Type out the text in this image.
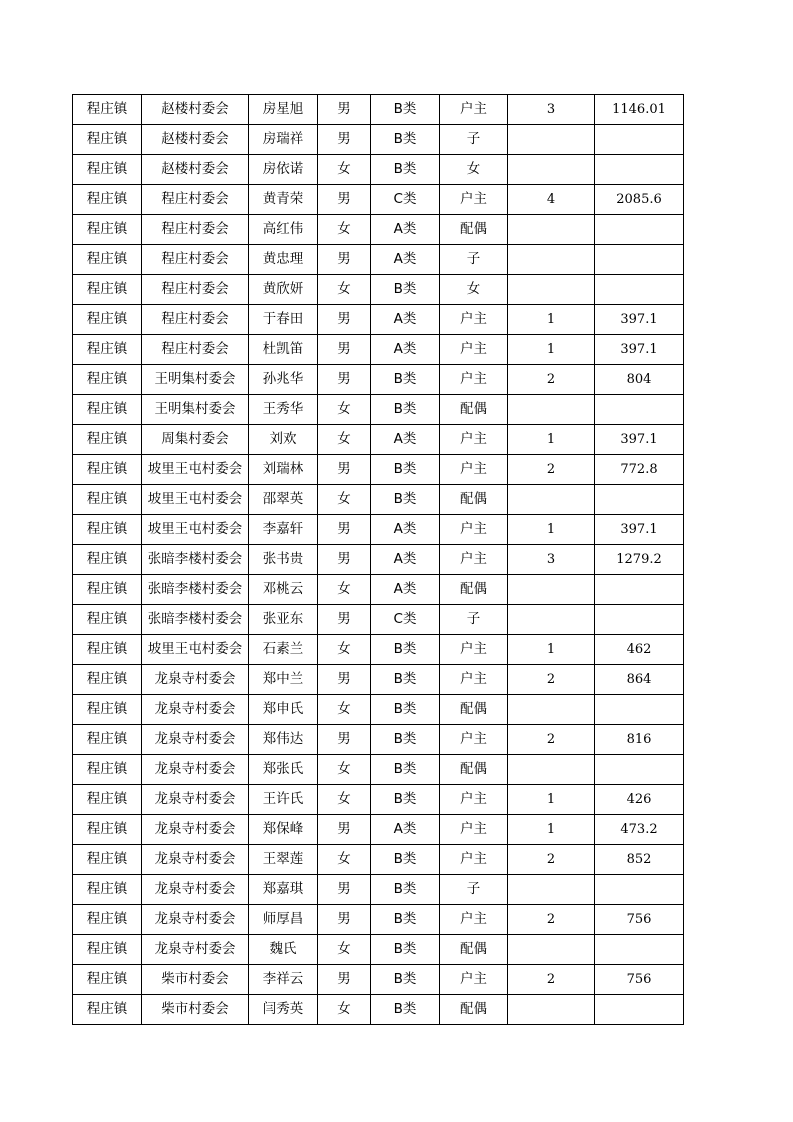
程庄镇	赵楼村委会	房星旭	男	B类	户主	3	1146.01
程庄镇	赵楼村委会	房瑞祥	男	B类	子		
程庄镇	赵楼村委会	房依诺	女	B类	女		
程庄镇	程庄村委会	黄青荣	男	C类	户主	4	2085.6
程庄镇	程庄村委会	高红伟	女	A类	配偶		
程庄镇	程庄村委会	黄忠理	男	A类	子		
程庄镇	程庄村委会	黄欣妍	女	B类	女		
程庄镇	程庄村委会	于春田	男	A类	户主	1	397.1
程庄镇	程庄村委会	杜凯笛	男	A类	户主	1	397.1
程庄镇	王明集村委会	孙兆华	男	B类	户主	2	804
程庄镇	王明集村委会	王秀华	女	B类	配偶		
程庄镇	周集村委会	刘欢	女	A类	户主	1	397.1
程庄镇	坡里王屯村委会	刘瑞林	男	B类	户主	2	772.8
程庄镇	坡里王屯村委会	邵翠英	女	B类	配偶		
程庄镇	坡里王屯村委会	李嘉轩	男	A类	户主	1	397.1
程庄镇	张暗李楼村委会	张书贵	男	A类	户主	3	1279.2
程庄镇	张暗李楼村委会	邓桃云	女	A类	配偶		
程庄镇	张暗李楼村委会	张亚东	男	C类	子		
程庄镇	坡里王屯村委会	石素兰	女	B类	户主	1	462
程庄镇	龙泉寺村委会	郑中兰	男	B类	户主	2	864
程庄镇	龙泉寺村委会	郑申氏	女	B类	配偶		
程庄镇	龙泉寺村委会	郑伟达	男	B类	户主	2	816
程庄镇	龙泉寺村委会	郑张氏	女	B类	配偶		
程庄镇	龙泉寺村委会	王许氏	女	B类	户主	1	426
程庄镇	龙泉寺村委会	郑保峰	男	A类	户主	1	473.2
程庄镇	龙泉寺村委会	王翠莲	女	B类	户主	2	852
程庄镇	龙泉寺村委会	郑嘉琪	男	B类	子		
程庄镇	龙泉寺村委会	师厚昌	男	B类	户主	2	756
程庄镇	龙泉寺村委会	魏氏	女	B类	配偶		
程庄镇	柴市村委会	李祥云	男	B类	户主	2	756
程庄镇	柴市村委会	闫秀英	女	B类	配偶		
